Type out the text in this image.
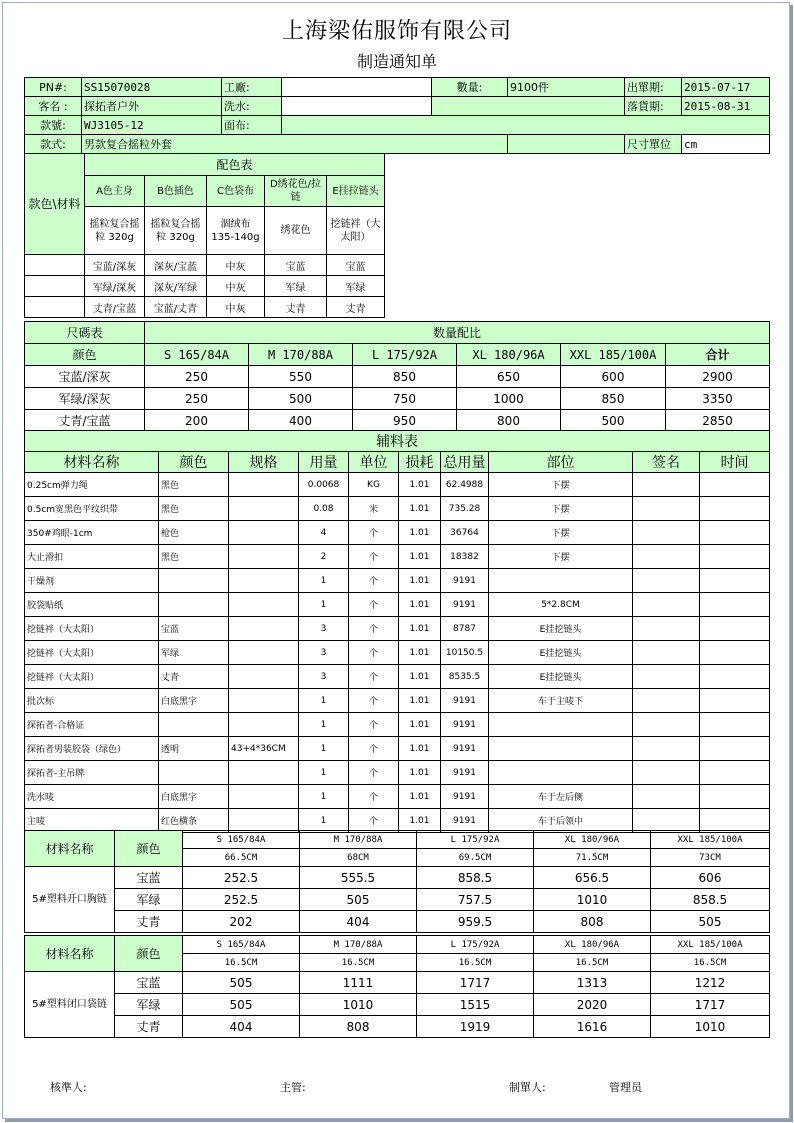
上海梁佑服饰有限公司
制造通知单
PN#:	SS15070028	工廠:		數量:	9100件	出單期:	2015-07-17
客名 :	探拓者户外	洗水:				落貨期:	2015-08-31
款號:	WJ3105-12	面布:					
款式:	男款复合摇粒外套					尺寸單位	cm
款色\材料	配色表					
	A色主身	B色插色	C色袋布	D绣花色/拉链	E挂拉链头	
	摇粒复合摇粒 320g	摇粒复合摇粒 320g	涸绒布 135-140g	绣花色	挖链袢（大太阳）	
	宝蓝/深灰	深灰/宝蓝	中灰	宝蓝	宝蓝	
	军绿/深灰	深灰/军绿	中灰	军绿	军绿	
	丈青/宝蓝	宝蓝/丈青	中灰	丈青	丈青	
尺碼表	数量配比					
颜色	S 165/84A	M 170/88A	L 175/92A	XL 180/96A	XXL 185/100A	合计
宝蓝/深灰	250	550	850	650	600	2900
军绿/深灰	250	500	750	1000	850	3350
丈青/宝蓝	200	400	950	800	500	2850
辅料表									
材料名称	颜色	规格	用量	单位	损耗	总用量	部位	签名	时间
0.25cm弹力绳	黑色		0.0068	KG	1.01	62.4988	下摆		
0.5cm宽黑色平纹织带	黑色		0.08	米	1.01	735.28	下摆		
350#鸡眼-1cm	枪色		4	个	1.01	36764	下摆		
大止滑扣	黑色		2	个	1.01	18382	下摆		
干燥剂			1	个	1.01	9191			
胶袋贴纸			1	个	1.01	9191	5*2.8CM		
挖链袢（大太阳）	宝蓝		3	个	1.01	8787	E挂挖链头		
挖链袢（大太阳）	军绿		3	个	1.01	10150.5	E挂挖链头		
挖链袢（大太阳）	丈青		3	个	1.01	8535.5	E挂挖链头		
批次标	白底黑字		1	个	1.01	9191	车于主唛下		
探拓者-合格证			1	个	1.01	9191			
探拓者男装胶袋（绿色）	透明	43+4*36CM	1	个	1.01	9191			
探拓者-主吊牌			1	个	1.01	9191			
洗水唛	白底黑字		1	个	1.01	9191	车于左后侧		
主唛	红色横条		1	个	1.01	9191	车于后领中		
材料名称	颜色	S 165/84A	M 170/88A	L 175/92A	XL 180/96A	XXL 185/100A
		66.5CM	68CM	69.5CM	71.5CM	73CM
5#塑料开口胸链	宝蓝	252.5	555.5	858.5	656.5	606
	军绿	252.5	505	757.5	1010	858.5
	丈青	202	404	959.5	808	505
材料名称	颜色	S 165/84A	M 170/88A	L 175/92A	XL 180/96A	XXL 185/100A
		16.5CM	16.5CM	16.5CM	16.5CM	16.5CM
5#塑料闭口袋链	宝蓝	505	1111	1717	1313	1212
	军绿	505	1010	1515	2020	1717
	丈青	404	808	1919	1616	1010
核準人:	主管:	制單人:	管理员
